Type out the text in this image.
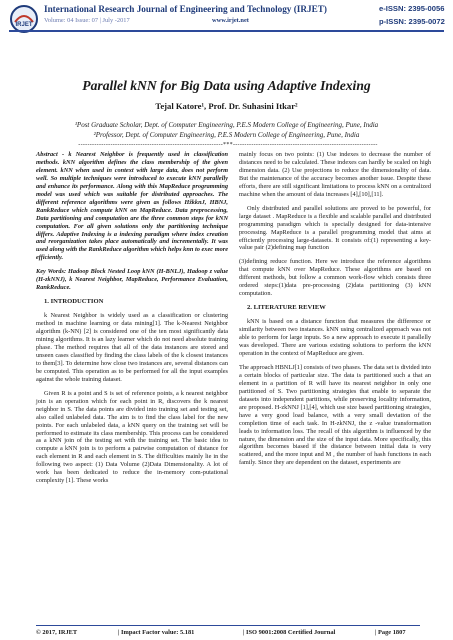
IRJET
International Research Journal of Engineering and Technology (IRJET)
Volume: 04 Issue: 07 | July -2017	www.irjet.net
e-ISSN: 2395-0056
p-ISSN: 2395-0072
Parallel kNN for Big Data using Adaptive Indexing
Tejal Katore¹, Prof. Dr. Suhasini Itkar²
¹Post Graduate Scholar, Dept. of Computer Engineering, P.E.S Modern College of Engineering, Pune, India
²Professor, Dept. of Computer Engineering, P.E.S Modern College of Engineering, Pune, India
---------------------------------------------------------------***---------------------------------------------------------------

Abstract - k Nearest Neighbor is frequently used in classification methods. kNN algorithm defines the class membership of the given element. kNN when used in context with large data, does not perform well. So multiple techniques were introduced to execute kNN parallelly and enhance its performance. Along with this MapReduce programming model was used which was suitable for distributed approaches. The different reference algorithms were given as follows HžkknJ, HBNJ, RankReduce which compute kNN on MapReduce. Data preprocessing, Data partitioning and computation are the three common steps for kNN computation. For all given solutions only the partitioning technique differs. Adaptive Indexing is a indexing paradigm where index creation and reorganization takes place automatically and incrementally. It was used along with the RankReduce algorithm which helps knn to exec more efficiently.

Key Words: Hadoop Block Nested Loop kNN (H-BNLJ), Hadoop z value (H-zkNNJ), k Nearest Neighbor, MapReduce, Performance Evaluation, RankReduce.

1. INTRODUCTION

k Nearest Neighbor is widely used as a classification or clustering method in machine learning or data mining[1]. The k-Nearest Neighbor algorithm (k-NN) [2] is considered one of the ten most significantly data mining algorithms. It is an lazy learner which do not need absolute training phase. The method requires that all of the data instances are stored and unseen cases classified by finding the class labels of the k closest instances to them[3]. To determine how close two instances are, several distances can be computed. This operation as to be performed for all the input examples against the whole training dataset.

Given R is a point and S is set of reference points, a k nearest neighbor join is an operation which for each point in R, discovers the k nearest neighbor in S. The data points are divided into training set and testing set, also called unlabeled data. The aim is to find the class label for the new points. For each unlabeled data, a kNN query on the training set will be performed to estimate its class membership. This process can be considered as a kNN join of the testing set with the training set. The basic idea to compute a kNN join is to perform a pairwise computation of distance for each element in R and each element in S. The difficulties mainly lie in the following two aspect: (1) Data Volume (2)Data Dimensionality. A lot of work has been dedicated to reduce the in-memory com-putational complexity [1]. These works

mainly focus on two points: (1) Use indexes to decrease the number of distances need to be calculated. These indexes can hardly be scaled on high dimension data. (2) Use projections to reduce the dimensionality of data. But the maintenance of the accuracy becomes another issue. Despite these efforts, there are still significant limitations to process kNN on a centralized machine when the amount of data increases [4],[10],[11].

Only distributed and parallel solutions are proved to be powerful, for large dataset . MapReduce is a flexible and scalable parallel and distributed programming paradigm which is specially designed for data-intensive processing. MapReduce is a parallel programming model that aims at efficiently processing large-datasets. It consists of:(1) representing a key-value pair (2)defining map function

(3)defining reduce function. Here we introduce the reference algorithms that compute kNN over MapReduce. These algorithms are based on different methods, but follow a common work-flow which consists three ordered steps:(1)data pre-processing (2)data partitioning (3) kNN computation.

2. LITERATURE REVIEW

kNN is based on a distance function that measures the difference or similarity between two instances. kNN using centralized approach was not able to perform for large inputs. So a new approach to execute it parallelly was developed. There are various existing solutions to perform the kNN operation in the context of MapReduce are given.

The approach HBNLJ[1] consists of two phases. The data set is divided into a certain blocks of particular size. The data is partitioned such a that an element in a partition of R will have its nearest neighbor in only one partitioned of S. Two partitioning strategies that enable to separate the datasets into independent partitions, while preserving locality information, are proposed. H-zkNNJ [1],[4], which use size based partitioning strategies, have a very good load balance, with a very small deviation of the completion time of each task. In H-zkNNJ, the z -value transformation leads to information loss. The recall of this algorithm is influenced by the nature, the dimension and the size of the input data. More specifically, this algorithm becomes biased if the distance between initial data is very scattered, and the more input and M , the number of hash functions in each family. Since they are dependent on the dataset, experiments are

© 2017, IRJET	| Impact Factor value: 5.181	| ISO 9001:2008 Certified Journal	| Page 1807
